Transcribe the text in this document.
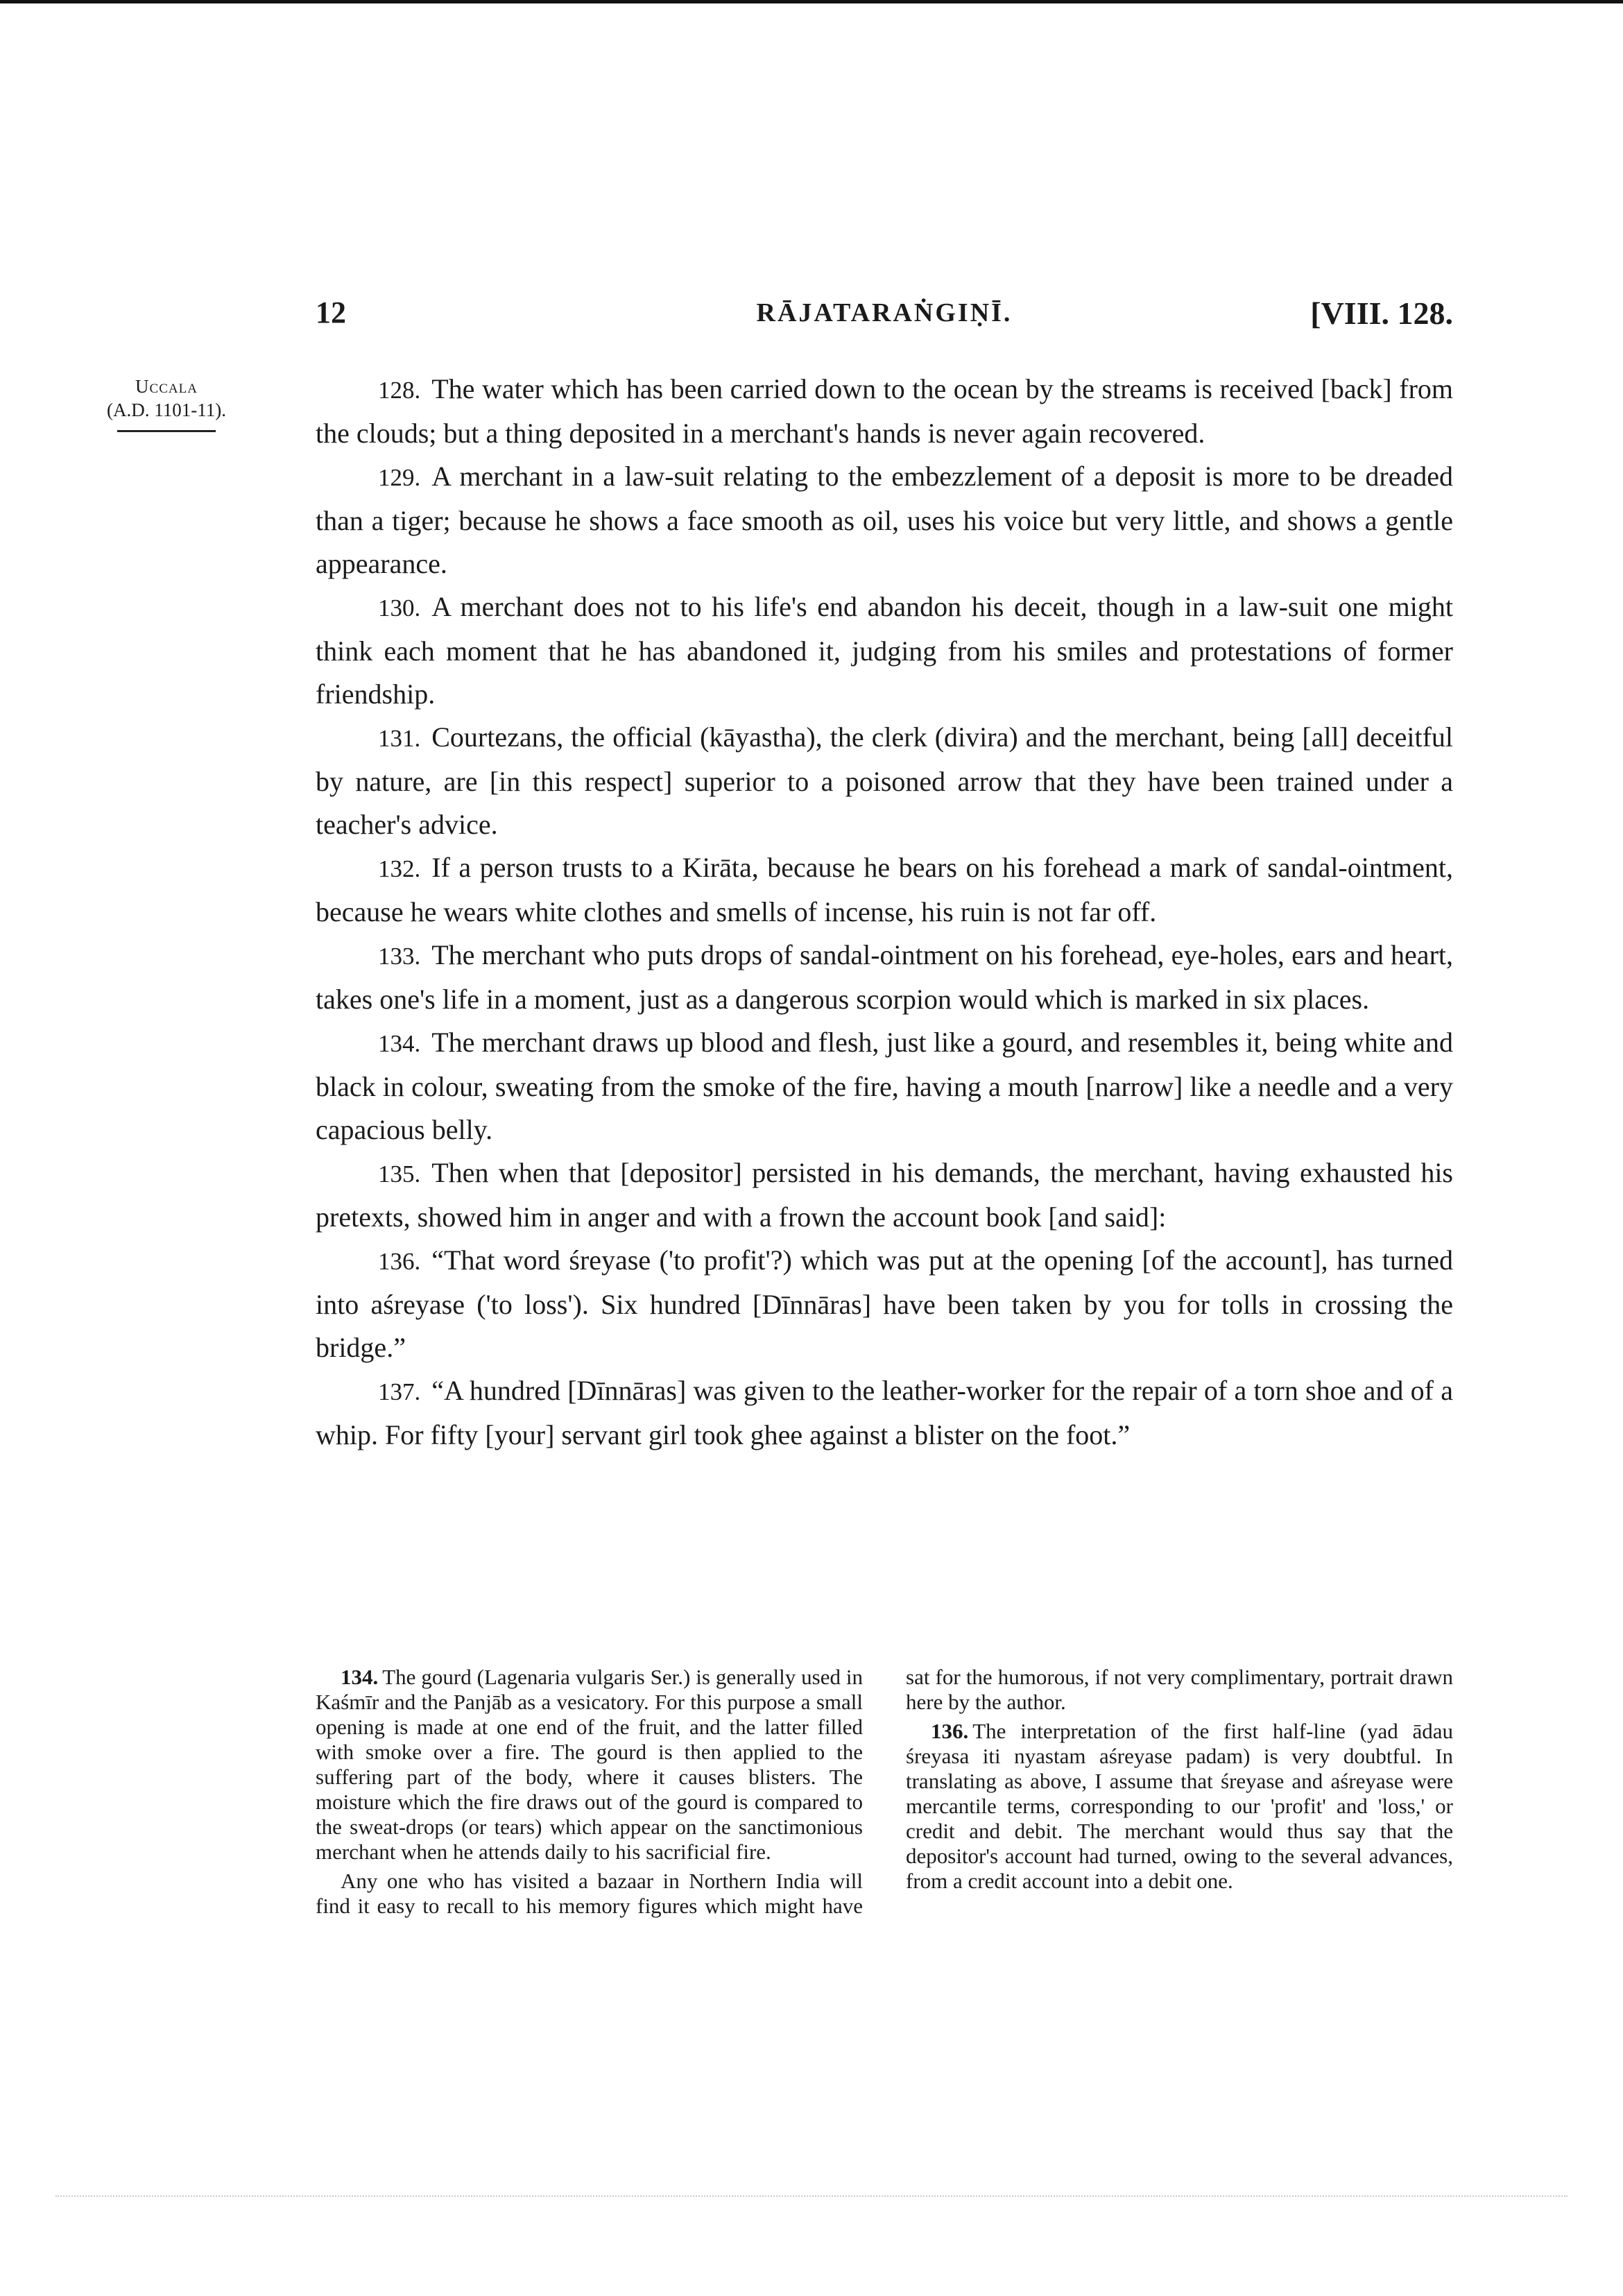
12	RĀJATARAṄGIṆĪ.	[VIII. 128.
Uccala
(A.D. 1101-11).

128. The water which has been carried down to the ocean by the streams is received [back] from the clouds; but a thing deposited in a merchant's hands is never again recovered.

129. A merchant in a law-suit relating to the embezzlement of a deposit is more to be dreaded than a tiger; because he shows a face smooth as oil, uses his voice but very little, and shows a gentle appearance.

130. A merchant does not to his life's end abandon his deceit, though in a law-suit one might think each moment that he has abandoned it, judging from his smiles and protestations of former friendship.

131. Courtezans, the official (kāyastha), the clerk (divira) and the merchant, being [all] deceitful by nature, are [in this respect] superior to a poisoned arrow that they have been trained under a teacher's advice.

132. If a person trusts to a Kirāta, because he bears on his forehead a mark of sandal-ointment, because he wears white clothes and smells of incense, his ruin is not far off.

133. The merchant who puts drops of sandal-ointment on his forehead, eye-holes, ears and heart, takes one's life in a moment, just as a dangerous scorpion would which is marked in six places.

134. The merchant draws up blood and flesh, just like a gourd, and resembles it, being white and black in colour, sweating from the smoke of the fire, having a mouth [narrow] like a needle and a very capacious belly.

135. Then when that [depositor] persisted in his demands, the merchant, having exhausted his pretexts, showed him in anger and with a frown the account book [and said]:

136. “That word śreyase ('to profit'?) which was put at the opening [of the account], has turned into aśreyase ('to loss'). Six hundred [Dīnnāras] have been taken by you for tolls in crossing the bridge.”

137. “A hundred [Dīnnāras] was given to the leather-worker for the repair of a torn shoe and of a whip. For fifty [your] servant girl took ghee against a blister on the foot.”

134. The gourd (Lagenaria vulgaris Ser.) is generally used in Kaśmīr and the Panjāb as a vesicatory. For this purpose a small opening is made at one end of the fruit, and the latter filled with smoke over a fire. The gourd is then applied to the suffering part of the body, where it causes blisters. The moisture which the fire draws out of the gourd is compared to the sweat-drops (or tears) which appear on the sanctimonious merchant when he attends daily to his sacrificial fire.

Any one who has visited a bazaar in Northern India will find it easy to recall to his memory figures which might have sat for the humorous, if not very complimentary, portrait drawn here by the author.

136. The interpretation of the first half-line (yad ādau śreyasa iti nyastam aśreyase padam) is very doubtful. In translating as above, I assume that śreyase and aśreyase were mercantile terms, corresponding to our 'profit' and 'loss,' or credit and debit. The merchant would thus say that the depositor's account had turned, owing to the several advances, from a credit account into a debit one.
